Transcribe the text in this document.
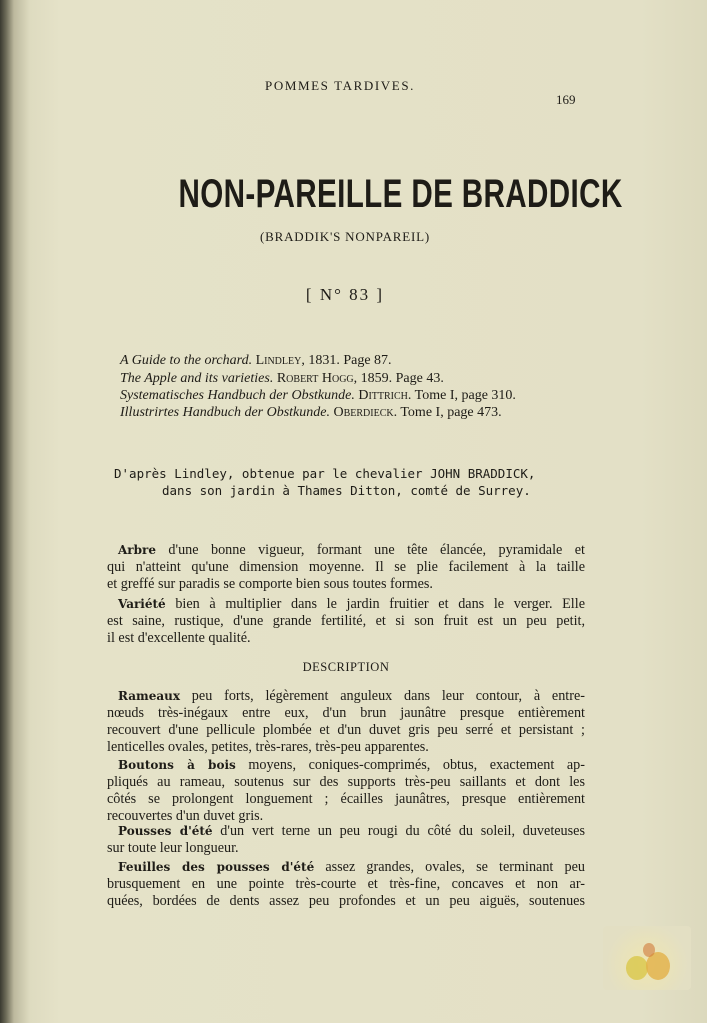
POMMES TARDIVES.
169
NON-PAREILLE DE BRADDICK
(BRADDIK'S NONPAREIL)
[ N° 83 ]
A Guide to the orchard. Lindley, 1831. Page 87.
The Apple and its varieties. Robert Hogg, 1859. Page 43.
Systematisches Handbuch der Obstkunde. Dittrich. Tome I, page 310.
Illustrirtes Handbuch der Obstkunde. Oberdieck. Tome I, page 473.
D'après Lindley, obtenue par le chevalier JOHN BRADDICK,
dans son jardin à Thames Ditton, comté de Surrey.
Arbre d'une bonne vigueur, formant une tête élancée, pyramidale et
qui n'atteint qu'une dimension moyenne. Il se plie facilement à la taille
et greffé sur paradis se comporte bien sous toutes formes.
Variété bien à multiplier dans le jardin fruitier et dans le verger. Elle
est saine, rustique, d'une grande fertilité, et si son fruit est un peu petit,
il est d'excellente qualité.
DESCRIPTION
Rameaux peu forts, légèrement anguleux dans leur contour, à entre-
nœuds très-inégaux entre eux, d'un brun jaunâtre presque entièrement
recouvert d'une pellicule plombée et d'un duvet gris peu serré et persistant ;
lenticelles ovales, petites, très-rares, très-peu apparentes.
Boutons à bois moyens, coniques-comprimés, obtus, exactement ap-
pliqués au rameau, soutenus sur des supports très-peu saillants et dont les
côtés se prolongent longuement ; écailles jaunâtres, presque entièrement
recouvertes d'un duvet gris.
Pousses d'été d'un vert terne un peu rougi du côté du soleil, duveteuses
sur toute leur longueur.
Feuilles des pousses d'été assez grandes, ovales, se terminant peu
brusquement en une pointe très-courte et très-fine, concaves et non ar-
quées, bordées de dents assez peu profondes et un peu aiguës, soutenues
